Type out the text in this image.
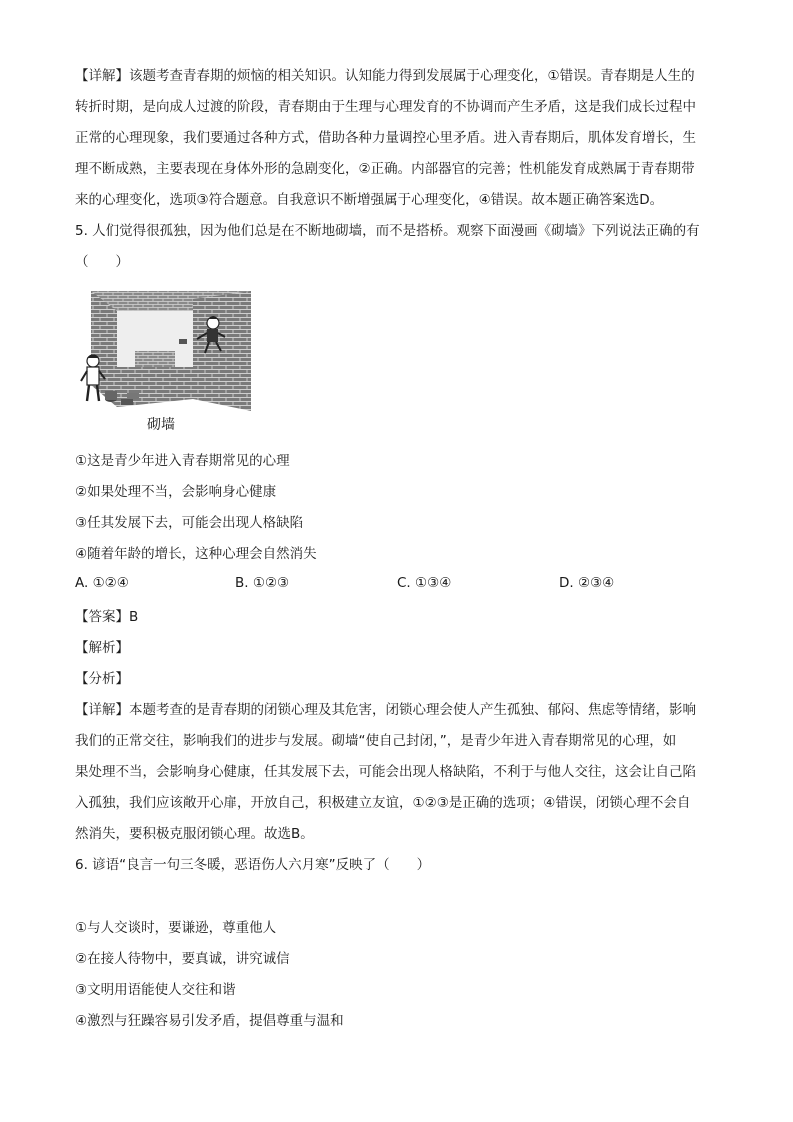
【详解】该题考查青春期的烦恼的相关知识。认知能力得到发展属于心理变化，①错误。青春期是人生的
转折时期，是向成人过渡的阶段，青春期由于生理与心理发育的不协调而产生矛盾，这是我们成长过程中
正常的心理现象，我们要通过各种方式，借助各种力量调控心里矛盾。进入青春期后，肌体发育增长，生
理不断成熟，主要表现在身体外形的急剧变化，②正确。内部器官的完善；性机能发育成熟属于青春期带
来的心理变化，选项③符合题意。自我意识不断增强属于心理变化，④错误。故本题正确答案选D。
5. 人们觉得很孤独，因为他们总是在不断地砌墙，而不是搭桥。观察下面漫画《砌墙》下列说法正确的有
（　　）
砌墙
①这是青少年进入青春期常见的心理
②如果处理不当，会影响身心健康
③任其发展下去，可能会出现人格缺陷
④随着年龄的增长，这种心理会自然消失
A. ①②④	B. ①②③	C. ①③④	D. ②③④
【答案】B
【解析】
【分析】
【详解】本题考查的是青春期的闭锁心理及其危害，闭锁心理会使人产生孤独、郁闷、焦虑等情绪，影响
我们的正常交往，影响我们的进步与发展。砌墙“使自己封闭，”，是青少年进入青春期常见的心理，如
果处理不当，会影响身心健康，任其发展下去，可能会出现人格缺陷，不利于与他人交往，这会让自己陷
入孤独，我们应该敞开心扉，开放自己，积极建立友谊，①②③是正确的选项；④错误，闭锁心理不会自
然消失，要积极克服闭锁心理。故选B。
6. 谚语“良言一句三冬暖，恶语伤人六月寒”反映了（　　）
①与人交谈时，要谦逊，尊重他人
②在接人待物中，要真诚，讲究诚信
③文明用语能使人交往和谐
④激烈与狂躁容易引发矛盾，提倡尊重与温和
